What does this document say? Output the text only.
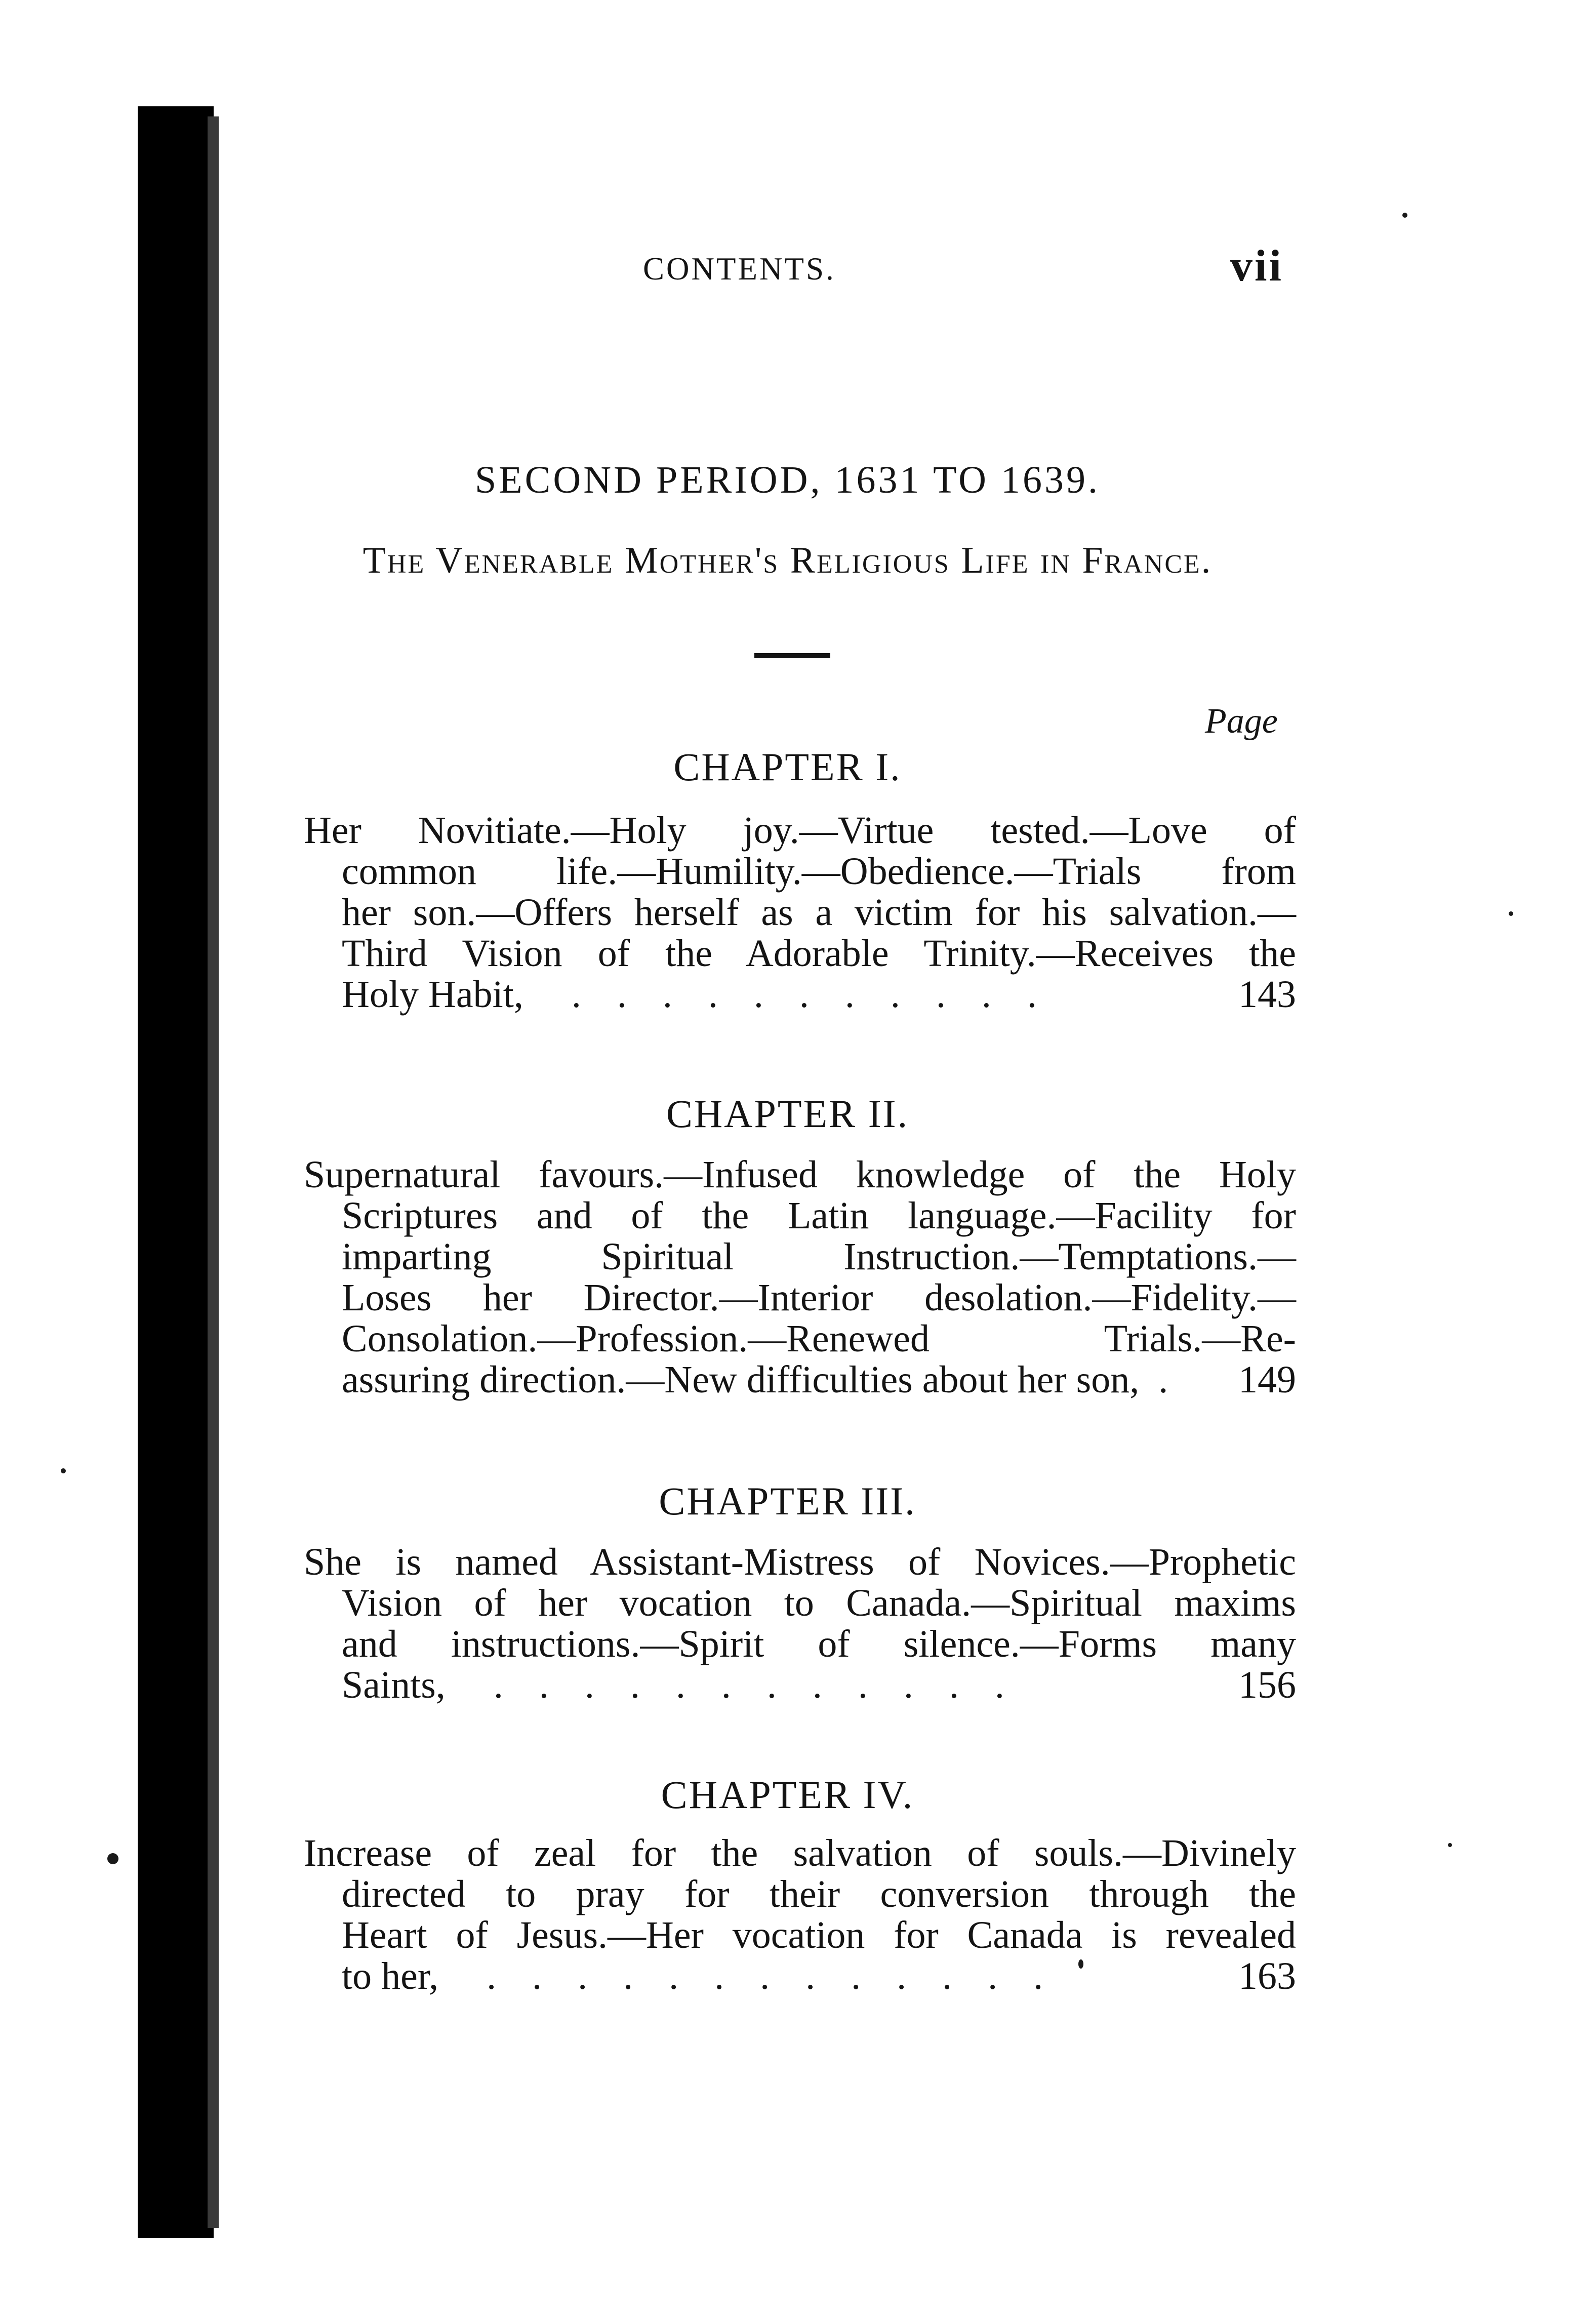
CONTENTS.	vii
SECOND PERIOD, 1631 TO 1639.
The Venerable Mother's Religious Life in France.
Page
CHAPTER I.
Her Novitiate.—Holy joy.—Virtue tested.—Love of
common life.—Humility.—Obedience.—Trials from
her son.—Offers herself as a victim for his salvation.—
Third Vision of the Adorable Trinity.—Receives the
Holy Habit, . . . . . . . . . . .	143
CHAPTER II.
Supernatural favours.—Infused knowledge of the Holy
Scriptures and of the Latin language.—Facility for
imparting Spiritual Instruction.—Temptations.—
Loses her Director.—Interior desolation.—Fidelity.—
Consolation.—Profession.—Renewed Trials.—Re-
assuring direction.—New difficulties about her son, . 149
CHAPTER III.
She is named Assistant-Mistress of Novices.—Prophetic
Vision of her vocation to Canada.—Spiritual maxims
and instructions.—Spirit of silence.—Forms many
Saints, . . . . . . . . . . . .	156
CHAPTER IV.
Increase of zeal for the salvation of souls.—Divinely
directed to pray for their conversion through the
Heart of Jesus.—Her vocation for Canada is revealed
to her, . . . . . . . . . . . . .	163
